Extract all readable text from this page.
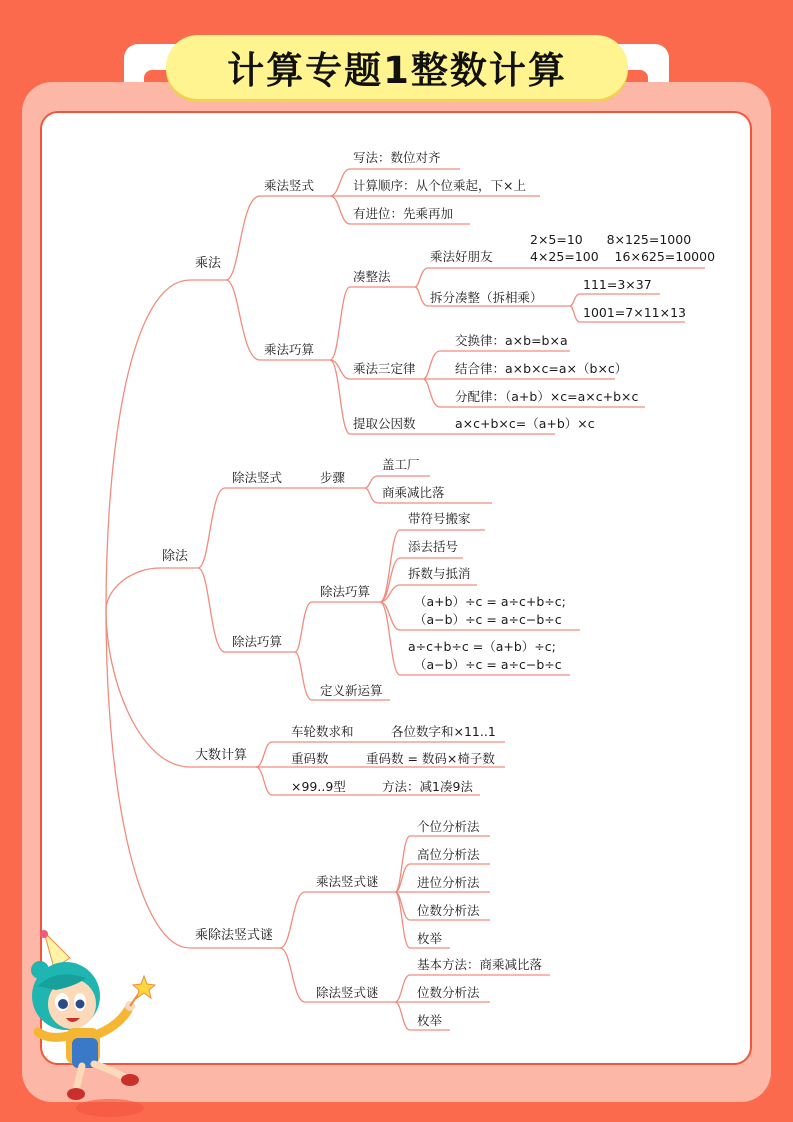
计算专题1整数计算
乘法
乘法竖式
写法：数位对齐
计算顺序：从个位乘起，下×上
有进位：先乘再加
乘法巧算
凑整法
乘法好朋友
2×5=10      8×125=1000
4×25=100    16×625=10000
拆分凑整（拆相乘）
111=3×37
1001=7×11×13
乘法三定律
交换律：a×b=b×a
结合律：a×b×c=a×（b×c）
分配律：（a+b）×c=a×c+b×c
提取公因数	a×c+b×c=（a+b）×c
除法
除法竖式	步骤
盖工厂
商乘减比落
除法巧算
除法巧算
带符号搬家
添去括号
拆数与抵消
（a+b）÷c = a÷c+b÷c;
（a−b）÷c = a÷c−b÷c
a÷c+b÷c =（a+b）÷c;
（a−b）÷c = a÷c−b÷c
定义新运算
大数计算
车轮数求和	各位数字和×11..1
重码数	重码数 = 数码×椅子数
×99..9型	方法：减1凑9法
乘除法竖式谜
乘法竖式谜
个位分析法
高位分析法
进位分析法
位数分析法
枚举
除法竖式谜
基本方法：商乘减比落
位数分析法
枚举
